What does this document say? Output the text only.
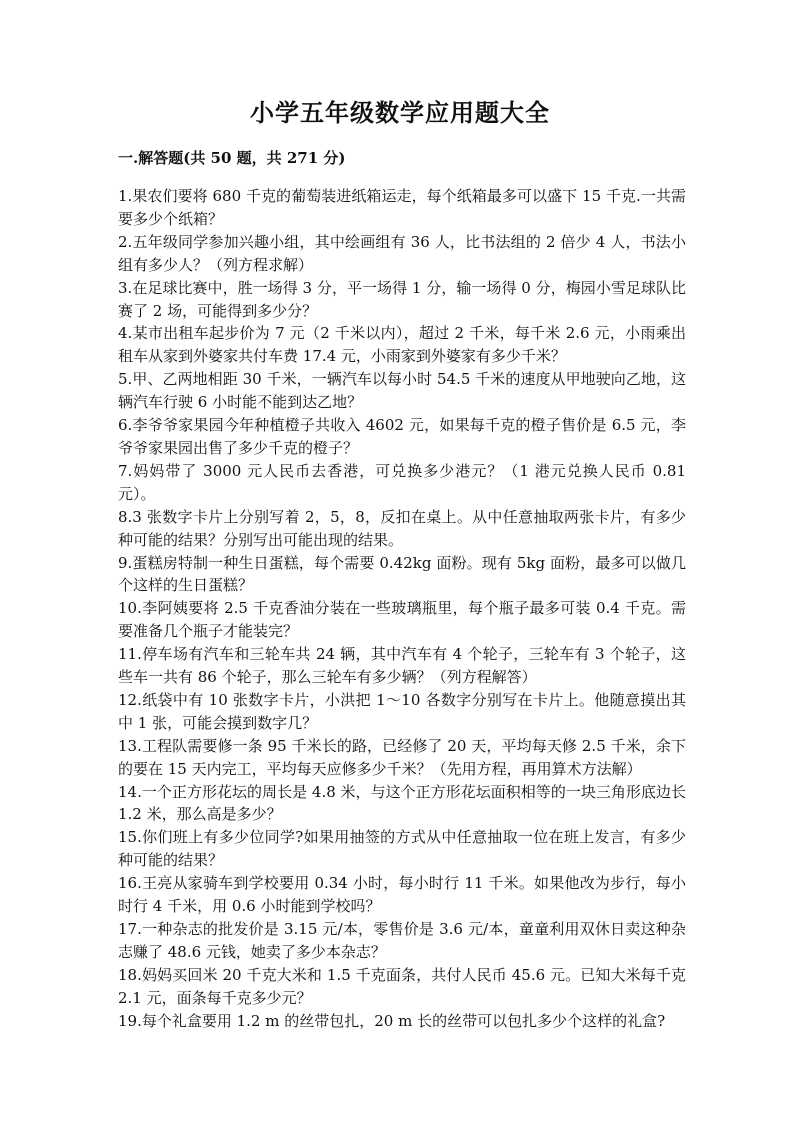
小学五年级数学应用题大全
一.解答题(共 50 题，共 271 分)
1.果农们要将 680 千克的葡萄装进纸箱运走，每个纸箱最多可以盛下 15 千克.一共需要多少个纸箱？
2.五年级同学参加兴趣小组，其中绘画组有 36 人，比书法组的 2 倍少 4 人，书法小组有多少人？（列方程求解）
3.在足球比赛中，胜一场得 3 分，平一场得 1 分，输一场得 0 分，梅园小雪足球队比赛了 2 场，可能得到多少分？
4.某市出租车起步价为 7 元（2 千米以内），超过 2 千米，每千米 2.6 元，小雨乘出租车从家到外婆家共付车费 17.4 元，小雨家到外婆家有多少千米？
5.甲、乙两地相距 30 千米，一辆汽车以每小时 54.5 千米的速度从甲地驶向乙地，这辆汽车行驶 6 小时能不能到达乙地？
6.李爷爷家果园今年种植橙子共收入 4602 元，如果每千克的橙子售价是 6.5 元，李爷爷家果园出售了多少千克的橙子？
7.妈妈带了 3000 元人民币去香港，可兑换多少港元？（1 港元兑换人民币 0.81 元）。
8.3 张数字卡片上分别写着 2，5，8，反扣在桌上。从中任意抽取两张卡片，有多少种可能的结果？分别写出可能出现的结果。
9.蛋糕房特制一种生日蛋糕，每个需要 0.42kg 面粉。现有 5kg 面粉，最多可以做几个这样的生日蛋糕？
10.李阿姨要将 2.5 千克香油分装在一些玻璃瓶里，每个瓶子最多可装 0.4 千克。需要准备几个瓶子才能装完？
11.停车场有汽车和三轮车共 24 辆，其中汽车有 4 个轮子，三轮车有 3 个轮子，这些车一共有 86 个轮子，那么三轮车有多少辆？（列方程解答）
12.纸袋中有 10 张数字卡片，小洪把 1～10 各数字分别写在卡片上。他随意摸出其中 1 张，可能会摸到数字几？
13.工程队需要修一条 95 千米长的路，已经修了 20 天，平均每天修 2.5 千米，余下的要在 15 天内完工，平均每天应修多少千米？（先用方程，再用算术方法解）
14.一个正方形花坛的周长是 4.8 米，与这个正方形花坛面积相等的一块三角形底边长 1.2 米，那么高是多少？
15.你们班上有多少位同学?如果用抽签的方式从中任意抽取一位在班上发言，有多少种可能的结果？
16.王亮从家骑车到学校要用 0.34 小时，每小时行 11 千米。如果他改为步行，每小时行 4 千米，用 0.6 小时能到学校吗？
17.一种杂志的批发价是 3.15 元/本，零售价是 3.6 元/本，童童利用双休日卖这种杂志赚了 48.6 元钱，她卖了多少本杂志？
18.妈妈买回米 20 千克大米和 1.5 千克面条，共付人民币 45.6 元。已知大米每千克 2.1 元，面条每千克多少元？
19.每个礼盒要用 1.2 m 的丝带包扎，20 m 长的丝带可以包扎多少个这样的礼盒?
